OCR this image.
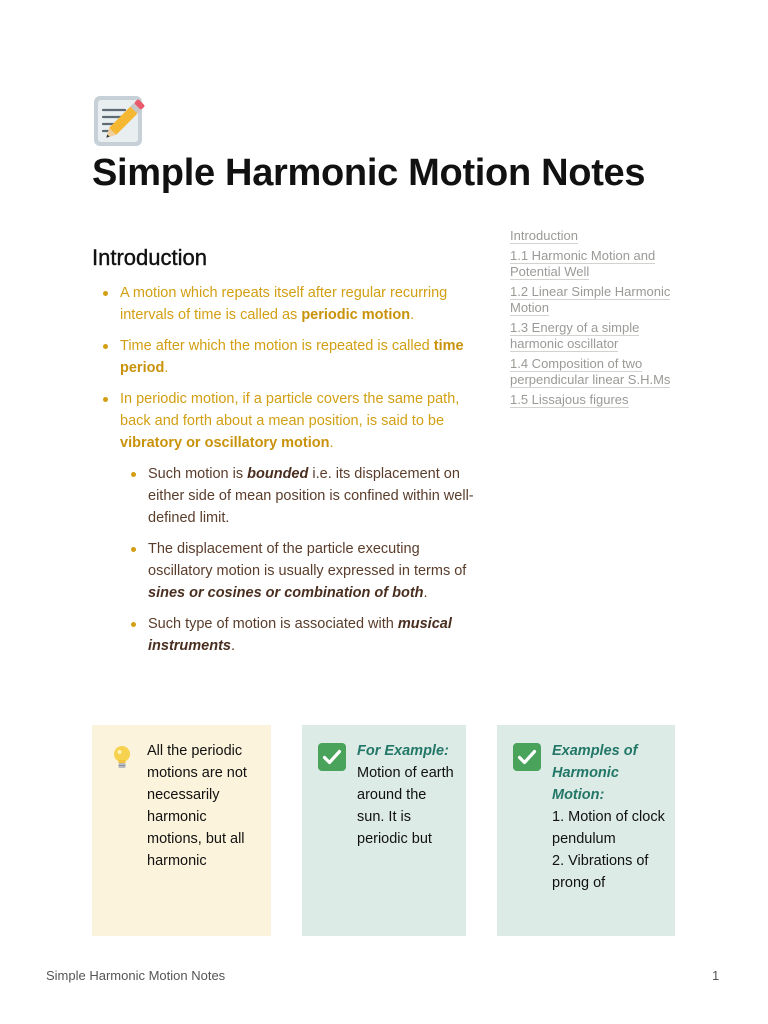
Simple Harmonic Motion Notes
Introduction
A motion which repeats itself after regular recurring intervals of time is called as periodic motion.
Time after which the motion is repeated is called time period.
In periodic motion, if a particle covers the same path, back and forth about a mean position, is said to be vibratory or oscillatory motion.
Such motion is bounded i.e. its displacement on either side of mean position is confined within well-defined limit.
The displacement of the particle executing oscillatory motion is usually expressed in terms of sines or cosines or combination of both.
Such type of motion is associated with musical instruments.
Introduction
1.1 Harmonic Motion and Potential Well
1.2 Linear Simple Harmonic Motion
1.3 Energy of a simple harmonic oscillator
1.4 Composition of two perpendicular linear S.H.Ms
1.5 Lissajous figures
All the periodic motions are not necessarily harmonic motions, but all harmonic
For Example:
Motion of earth around the sun. It is periodic but
Examples of Harmonic Motion:
1. Motion of clock pendulum
2. Vibrations of prong of
Simple Harmonic Motion Notes	1
